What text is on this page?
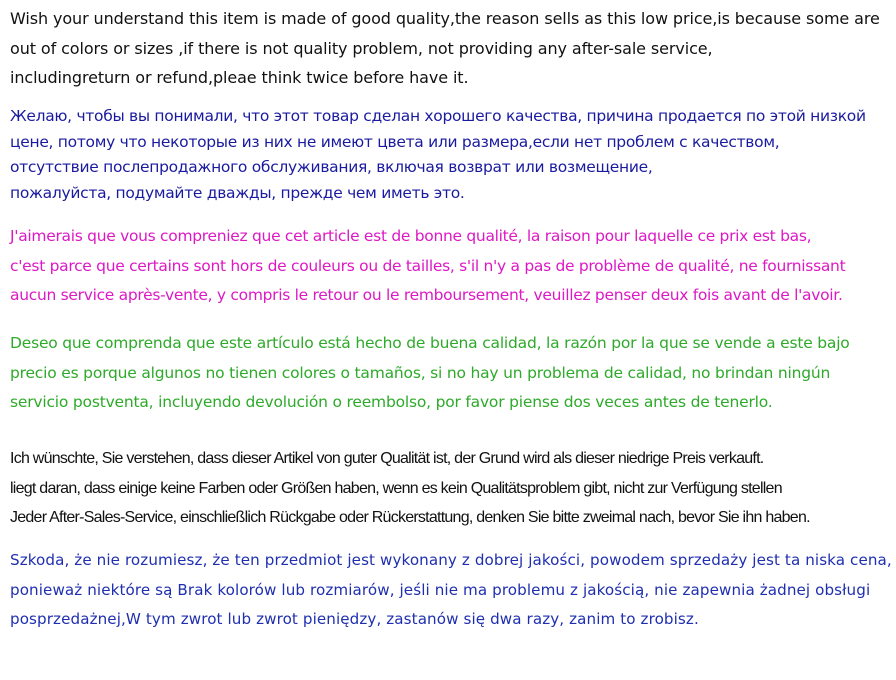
Wish your understand this item is made of good quality,the reason sells as this low price,is because some are
out of colors or sizes ,if there is not quality problem, not providing any after-sale service,
includingreturn or refund,pleae think twice before have it.

Желаю, чтобы вы понимали, что этот товар сделан хорошего качества, причина продается по этой низкой
цене, потому что некоторые из них не имеют цвета или размера,если нет проблем с качеством,
отсутствие послепродажного обслуживания, включая возврат или возмещение,
пожалуйста, подумайте дважды, прежде чем иметь это.

J'aimerais que vous compreniez que cet article est de bonne qualité, la raison pour laquelle ce prix est bas,
c'est parce que certains sont hors de couleurs ou de tailles, s'il n'y a pas de problème de qualité, ne fournissant
aucun service après-vente, y compris le retour ou le remboursement, veuillez penser deux fois avant de l'avoir.

Deseo que comprenda que este artículo está hecho de buena calidad, la razón por la que se vende a este bajo
precio es porque algunos no tienen colores o tamaños, si no hay un problema de calidad, no brindan ningún
servicio postventa, incluyendo devolución o reembolso, por favor piense dos veces antes de tenerlo.

Ich wünschte, Sie verstehen, dass dieser Artikel von guter Qualität ist, der Grund wird als dieser niedrige Preis verkauft.
liegt daran, dass einige keine Farben oder Größen haben, wenn es kein Qualitätsproblem gibt, nicht zur Verfügung stellen
Jeder After-Sales-Service, einschließlich Rückgabe oder Rückerstattung, denken Sie bitte zweimal nach, bevor Sie ihn haben.

Szkoda, że nie rozumiesz, że ten przedmiot jest wykonany z dobrej jakości, powodem sprzedaży jest ta niska cena,
ponieważ niektóre są Brak kolorów lub rozmiarów, jeśli nie ma problemu z jakością, nie zapewnia żadnej obsługi
posprzedażnej,W tym zwrot lub zwrot pieniędzy, zastanów się dwa razy, zanim to zrobisz.
